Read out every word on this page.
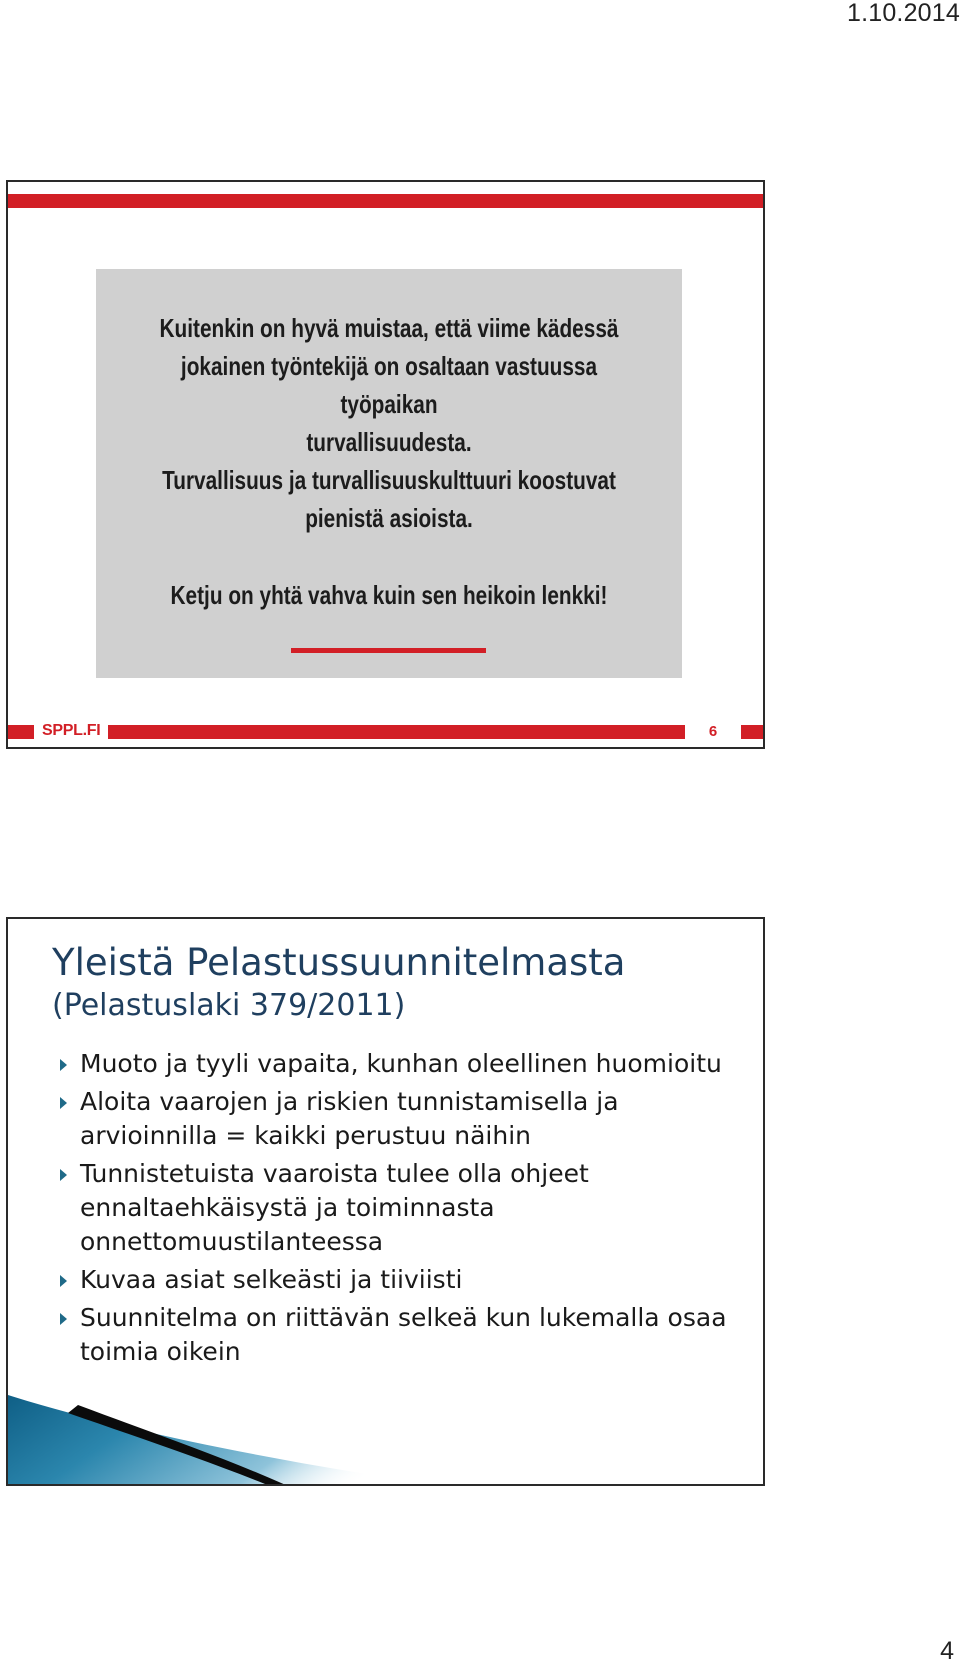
1.10.2014

Kuitenkin on hyvä muistaa, että viime kädessä
jokainen työntekijä on osaltaan vastuussa työpaikan
turvallisuudesta.

Turvallisuus ja turvallisuuskulttuuri koostuvat
pienistä asioista.

Ketju on yhtä vahva kuin sen heikoin lenkki!

SPPL.FI	6
Yleistä Pelastussuunnitelmasta
(Pelastuslaki 379/2011)
Muoto ja tyyli vapaita, kunhan oleellinen huomioitu
Aloita vaarojen ja riskien tunnistamisella ja arvioinnilla = kaikki perustuu näihin
Tunnistetuista vaaroista tulee olla ohjeet ennaltaehkäisystä ja toiminnasta onnettomuustilanteessa
Kuvaa asiat selkeästi ja tiiviisti
Suunnitelma on riittävän selkeä kun lukemalla osaa toimia oikein
4
